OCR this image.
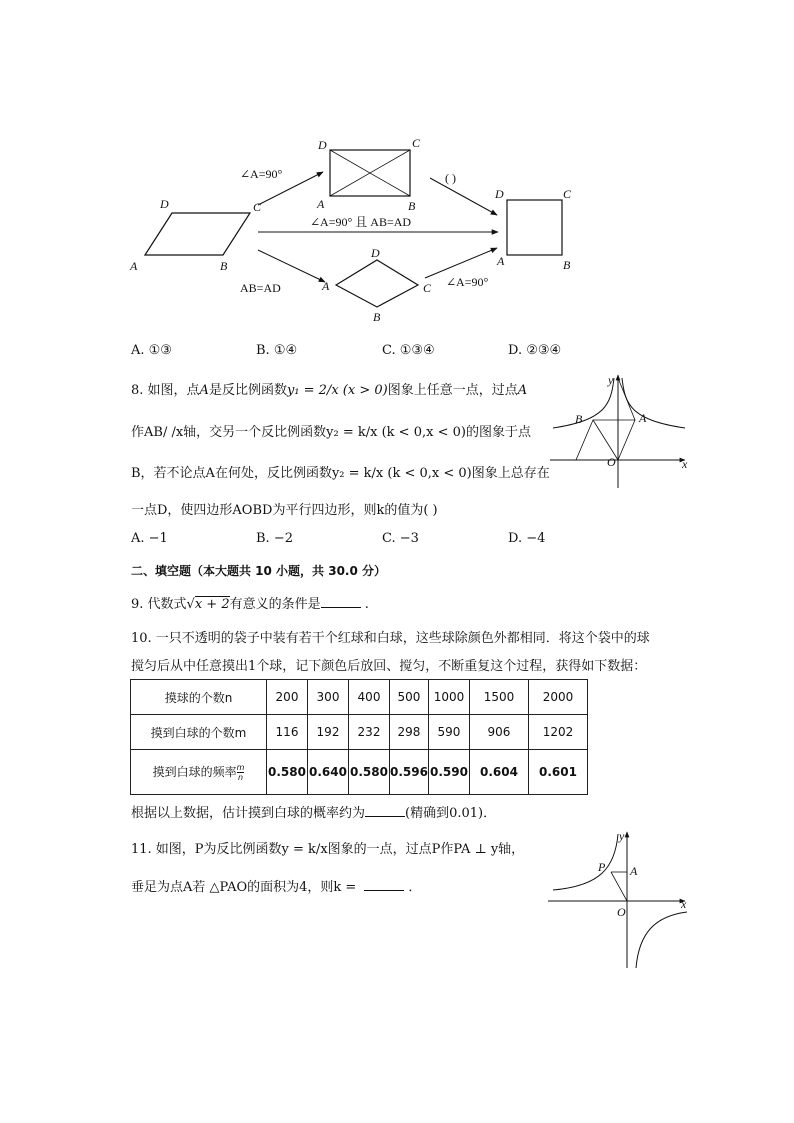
D	C
A	B
D	C
A	B
D	C
A	B
D
A	C
B
∠A=90°
∠A=90° 且 AB=AD
AB=AD
( )
∠A=90°
A. ①③	B. ①④	C. ①③④	D. ②③④
8. 如图，点A是反比例函数y₁ = 2/x (x > 0)图象上任意一点，过点A
作AB/ /x轴，交另一个反比例函数y₂ = k/x (k < 0,x < 0)的图象于点
B，若不论点A在何处，反比例函数y₂ = k/x (k < 0,x < 0)图象上总存在
一点D，使四边形AOBD为平行四边形，则k的值为( )
A. −1	B. −2	C. −3	D. −4
y
x
B	A
O
二、填空题（本大题共 10 小题，共 30.0 分）
9. 代数式√x + 2有意义的条件是	.
10. 一只不透明的袋子中装有若干个红球和白球，这些球除颜色外都相同．将这个袋中的球
搅匀后从中任意摸出1个球，记下颜色后放回、搅匀，不断重复这个过程，获得如下数据：
摸球的个数n	200	300	400	500	1000	1500	2000
摸到白球的个数m	116	192	232	298	590	906	1202
摸到白球的频率 $\frac{m}{n}$	0.580	0.640	0.580	0.596	0.590	0.604	0.601
根据以上数据，估计摸到白球的概率约为	(精确到0.01)．
11. 如图，P为反比例函数y = k/x图象的一点，过点P作PA ⊥ y轴，
垂足为点A若 △PAO的面积为4，则k =	．
y
x
P A
O
